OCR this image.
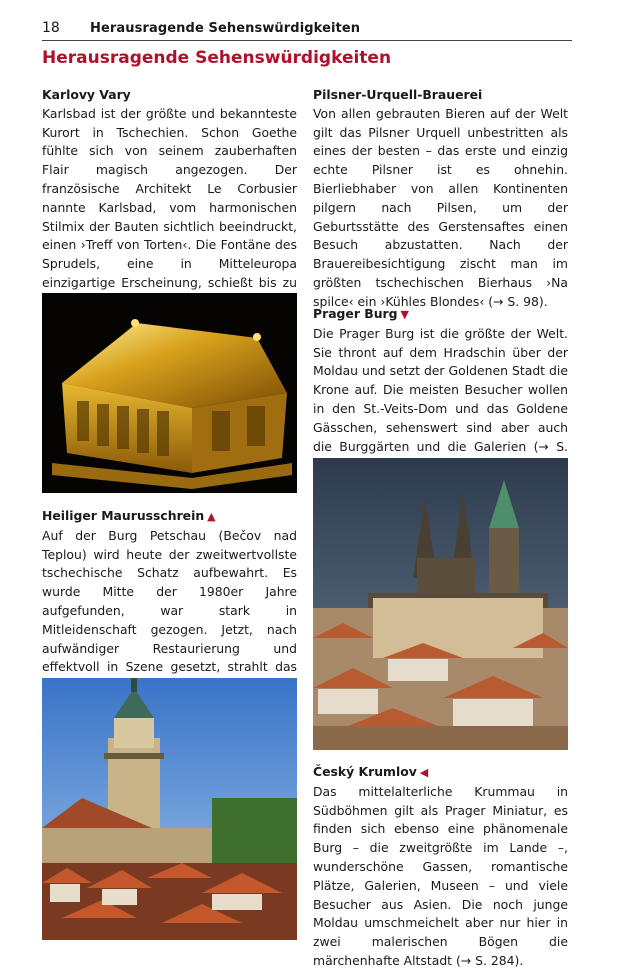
18 Herausragende Sehenswürdigkeiten
Herausragende Sehenswürdigkeiten
Karlovy Vary

Karlsbad ist der größte und bekannteste Kurort in Tschechien. Schon Goethe fühlte sich von seinem zauberhaften Flair magisch angezogen. Der französische Architekt Le Corbusier nannte Karlsbad, vom harmonischen Stilmix der Bauten sichtlich beeindruckt, einen ›Treff von Torten‹. Die Fontäne des Sprudels, eine in Mitteleuropa einzigartige Erscheinung, schießt bis zu

Heiliger Maurusschrein ▲

Auf der Burg Petschau (Bečov nad Teplou) wird heute der zweitwertvollste tschechische Schatz aufbewahrt. Es wurde Mitte der 1980er Jahre aufgefunden, war stark in Mitleidenschaft gezogen. Jetzt, nach aufwändiger Restaurierung und effektvoll in Szene gesetzt, strahlt das

Pilsner-Urquell-Brauerei

Von allen gebrauten Bieren auf der Welt gilt das Pilsner Urquell unbestritten als eines der besten – das erste und einzig echte Pilsner ist es ohnehin. Bierliebhaber von allen Kontinenten pilgern nach Pilsen, um der Geburtsstätte des Gerstensaftes einen Besuch abzustatten. Nach der Brauereibesichtigung zischt man im größten tschechischen Bierhaus ›Na spilce‹ ein ›Kühles Blondes‹ (→ S. 98).

Prager Burg ▼

Die Prager Burg ist die größte der Welt. Sie thront auf dem Hradschin über der Moldau und setzt der Goldenen Stadt die Krone auf. Die meisten Besucher wollen in den St.-Veits-Dom und das Goldene Gässchen, sehenswert sind aber auch die Burggärten und die Galerien (→ S.

Český Krumlov ◀

Das mittelalterliche Krummau in Südböhmen gilt als Prager Miniatur, es finden sich ebenso eine phänomenale Burg – die zweitgrößte im Lande –, wunderschöne Gassen, romantische Plätze, Galerien, Museen – und viele Besucher aus Asien. Die noch junge Moldau umschmeichelt aber nur hier in zwei malerischen Bögen die märchenhafte Altstadt (→ S. 284).
